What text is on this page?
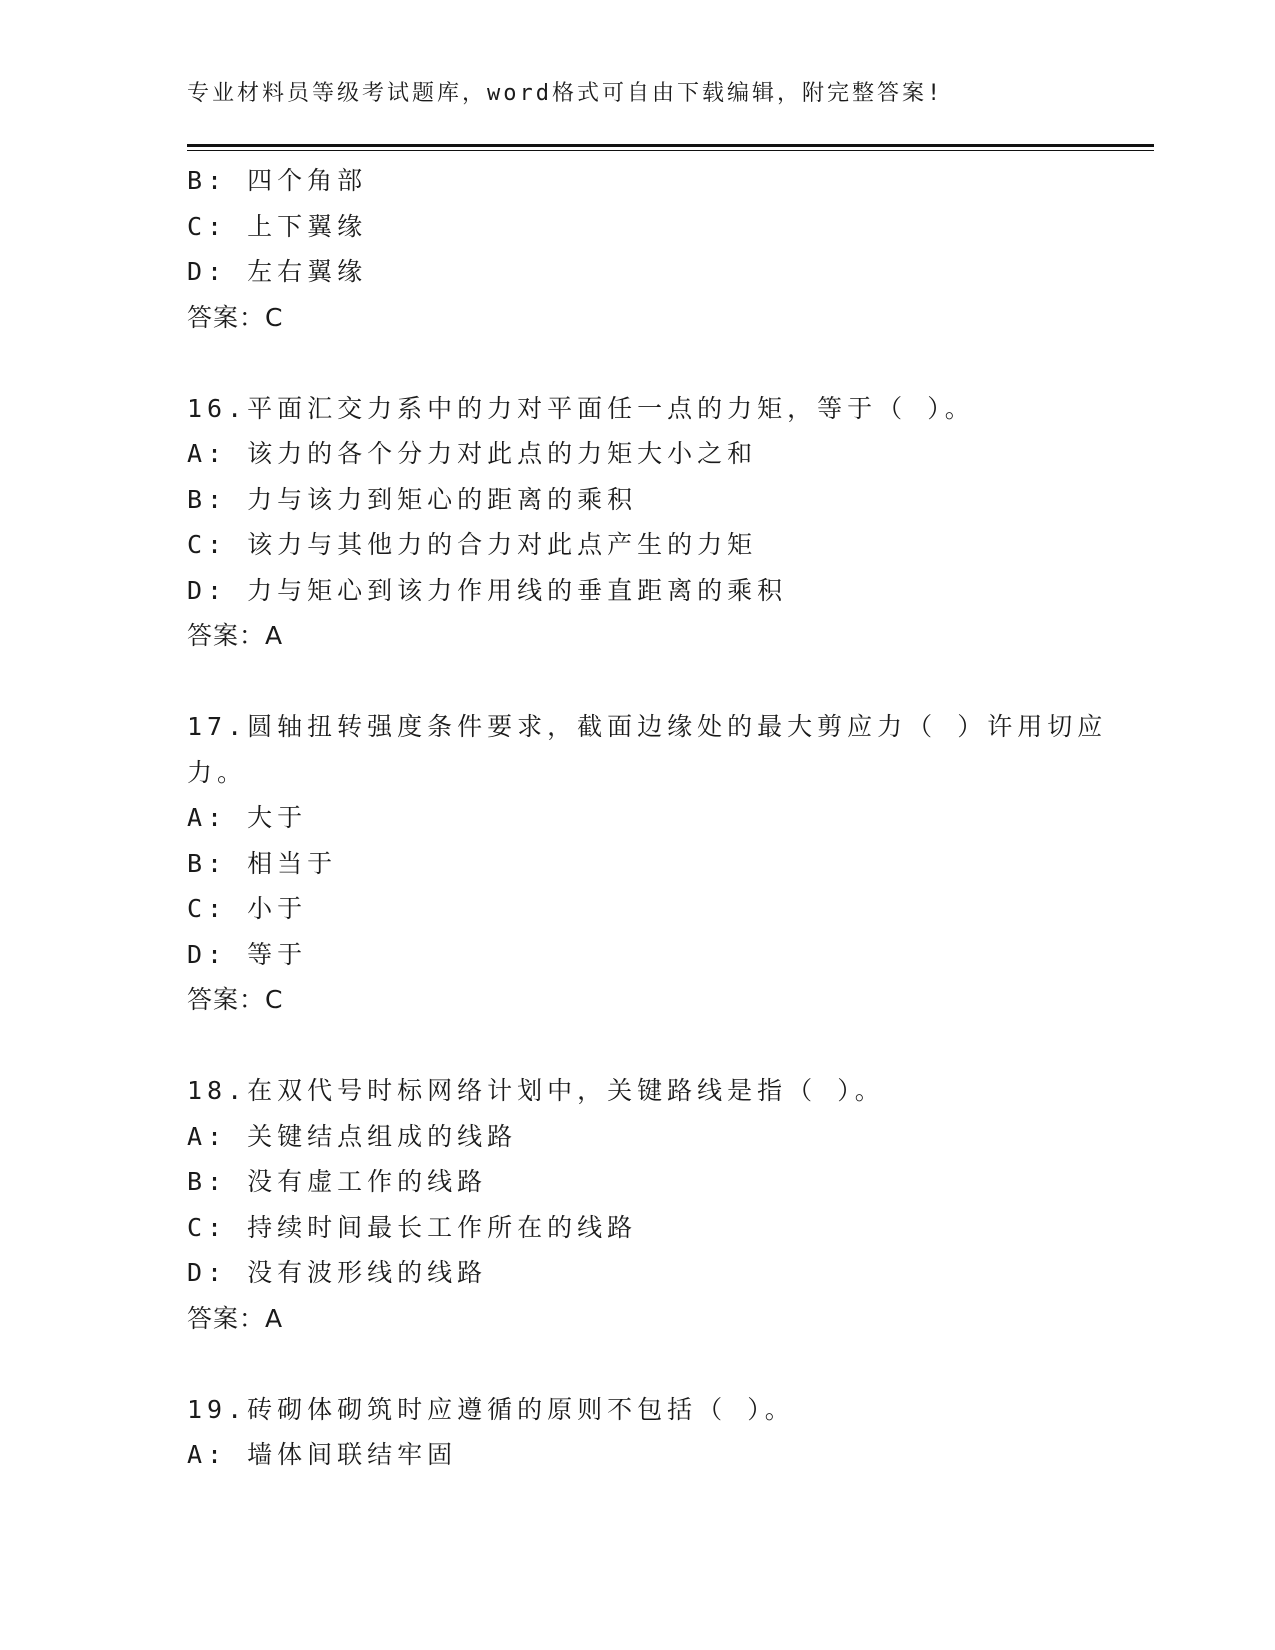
专业材料员等级考试题库，word格式可自由下载编辑，附完整答案!
B: 四个角部
C: 上下翼缘
D: 左右翼缘
答案：C
16.平面汇交力系中的力对平面任一点的力矩，等于（ ）。
A: 该力的各个分力对此点的力矩大小之和
B: 力与该力到矩心的距离的乘积
C: 该力与其他力的合力对此点产生的力矩
D: 力与矩心到该力作用线的垂直距离的乘积
答案：A
17.圆轴扭转强度条件要求，截面边缘处的最大剪应力（ ）许用切应
力。
A: 大于
B: 相当于
C: 小于
D: 等于
答案：C
18.在双代号时标网络计划中，关键路线是指（ ）。
A: 关键结点组成的线路
B: 没有虚工作的线路
C: 持续时间最长工作所在的线路
D: 没有波形线的线路
答案：A
19.砖砌体砌筑时应遵循的原则不包括（ ）。
A: 墙体间联结牢固
